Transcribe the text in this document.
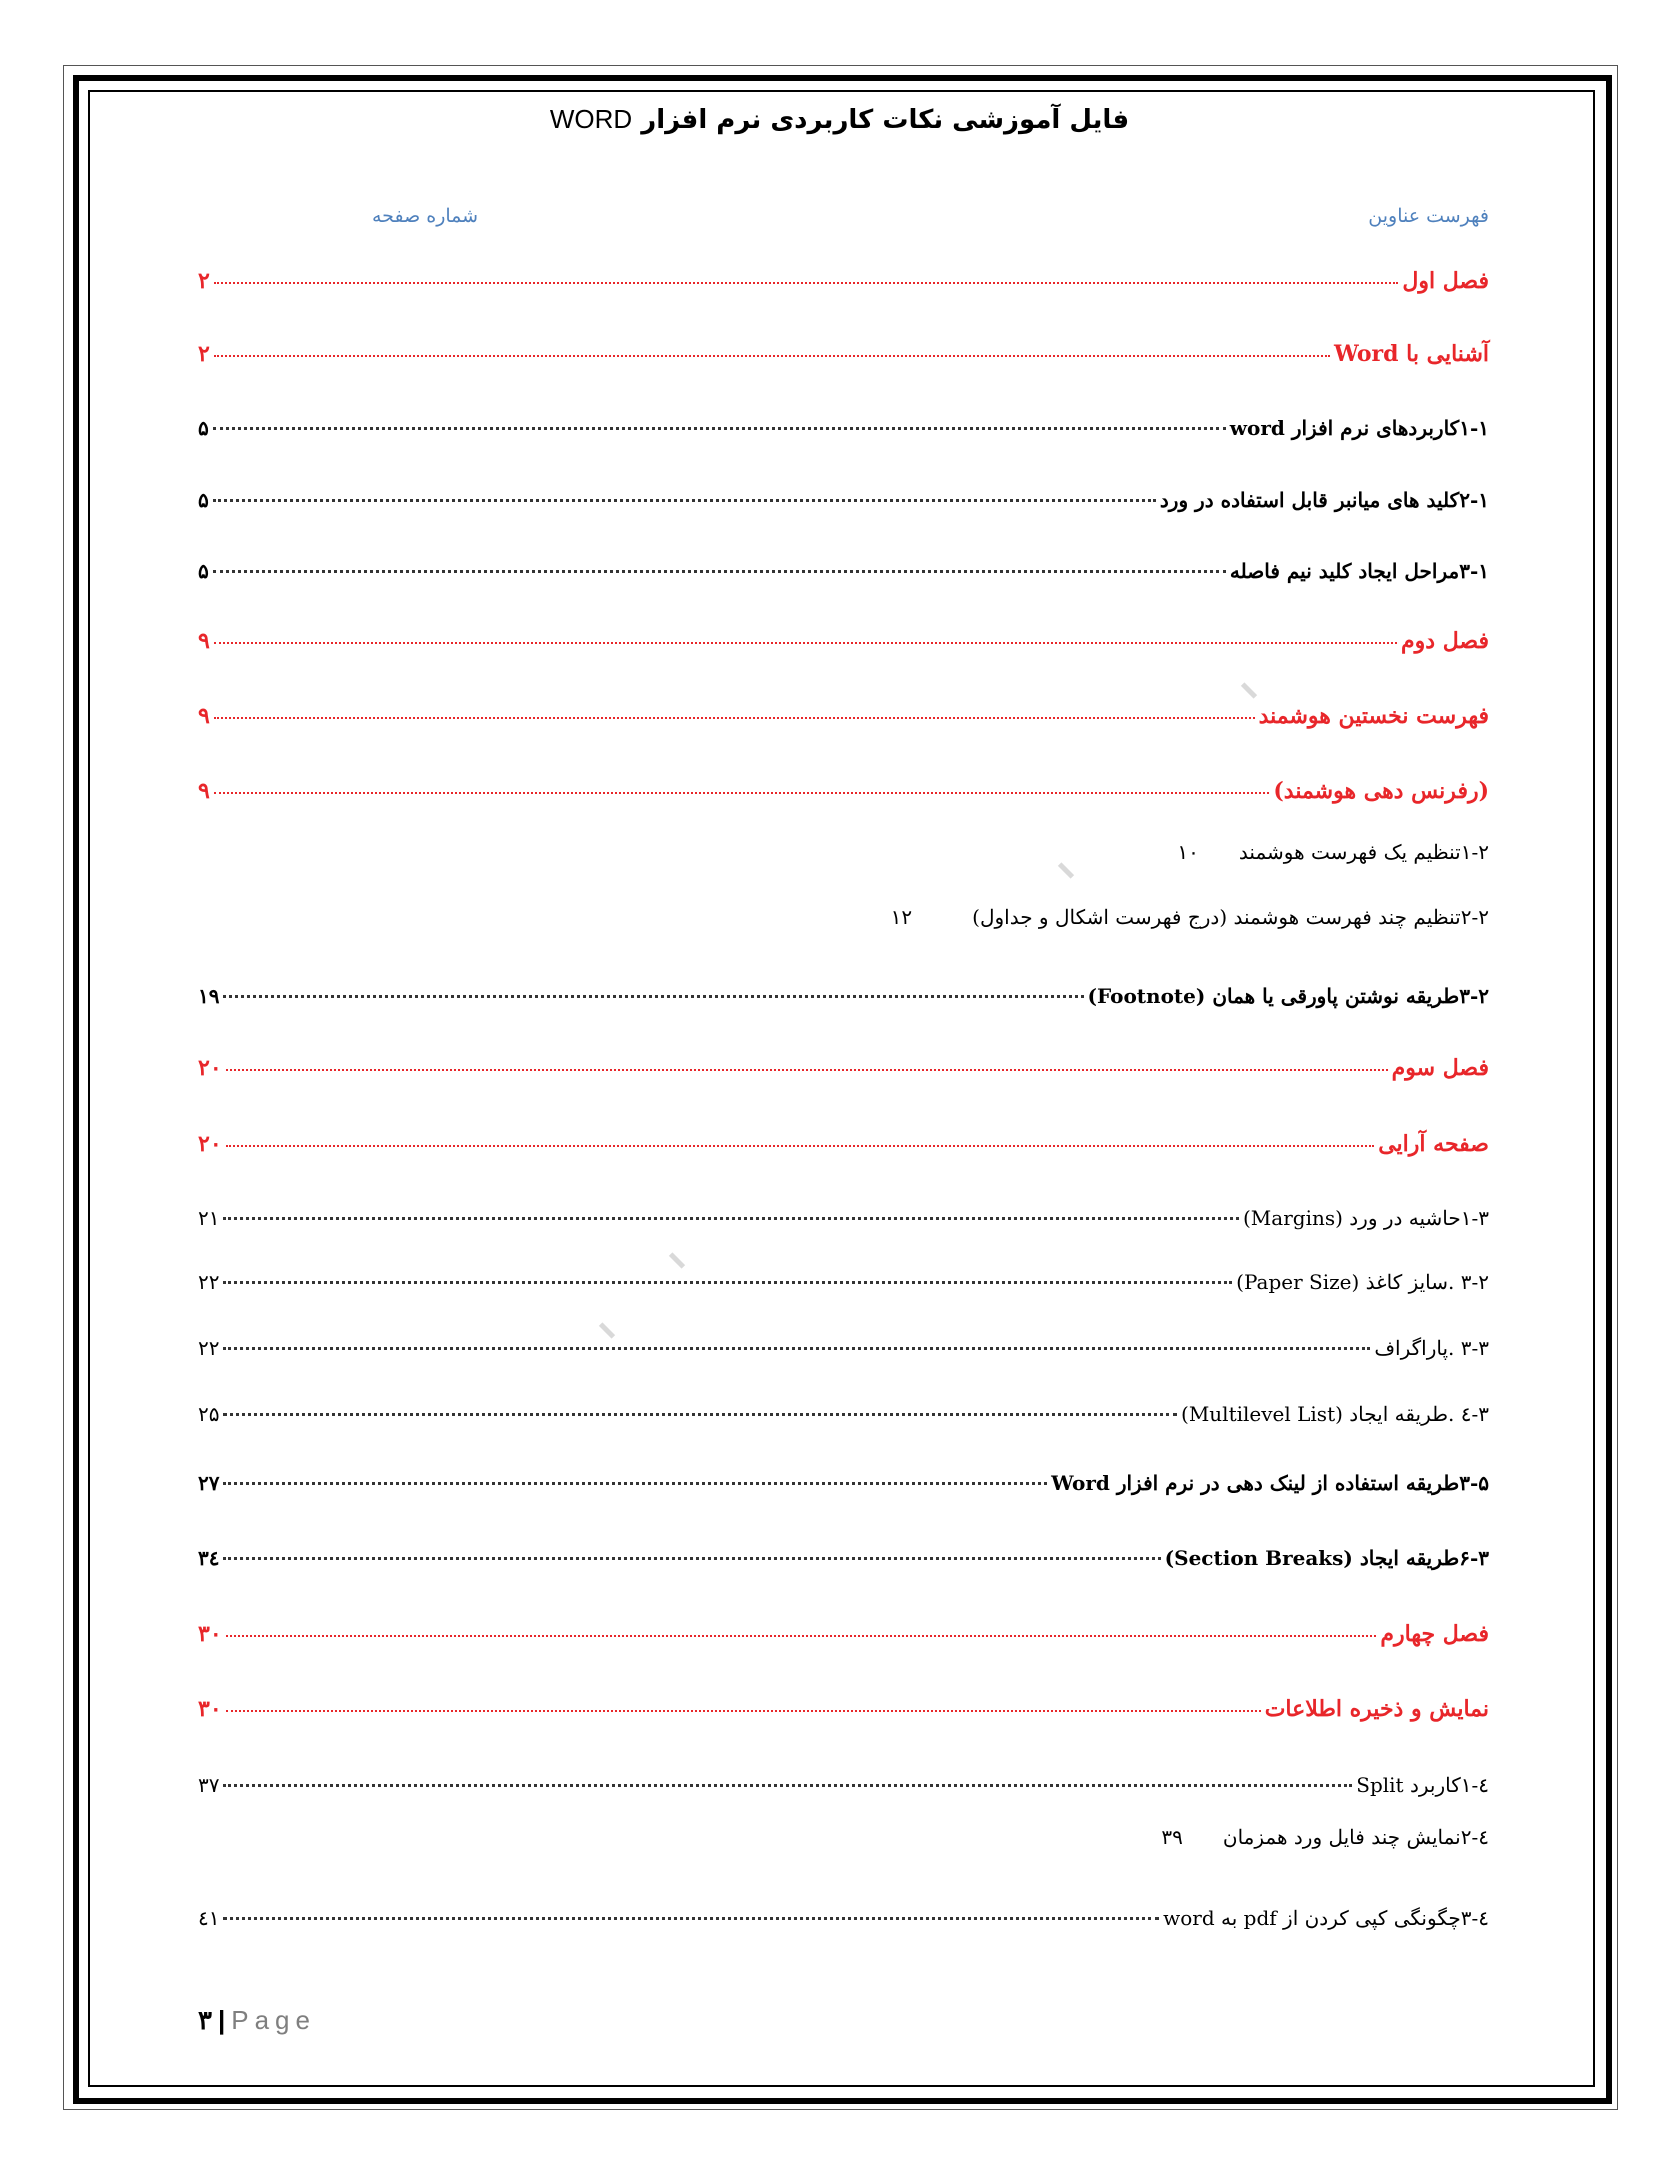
فایل آموزشی نکات کاربردی نرم افزار WORD
فهرست عناوین
شماره صفحه
فصل اول
۲
آشنایی با Word
۲
۱-۱کاربردهای نرم افزار word
۵
۲-۱کلید های میانبر قابل استفاده در ورد
۵
۳-۱مراحل ایجاد کلید نیم فاصله
۵
فصل دوم
۹
فهرست نخستین هوشمند
۹
(رفرنس دهی هوشمند)
۹
۱-۲تنظیم یک فهرست هوشمند۱۰
۲-۲تنظیم چند فهرست هوشمند (درج فهرست اشکال و جداول)۱۲
۳-۲طریقه نوشتن پاورقی یا همان (Footnote)
۱۹
فصل سوم
۲۰
صفحه آرایی
۲۰
۱-۳حاشیه در ورد (Margins)
۲۱
۳-۲ .سایز کاغذ (Paper Size)
۲۲
۳-۳ .پاراگراف
۲۲
۳-٤ .طریقه ایجاد (Multilevel List)
۲۵
۳-۵طریقه استفاده از لینک دهی در نرم افزار Word
۲۷
۶-۳طریقه ایجاد (Section Breaks)
۳٤
فصل چهارم
۳۰
نمایش و ذخیره اطلاعات
۳۰
٤-۱کاربرد Split
۳۷
٤-۲نمایش چند فایل ورد همزمان۳۹
٤-۳چگونگی کپی کردن از pdf به word
٤۱
۳ | Page
